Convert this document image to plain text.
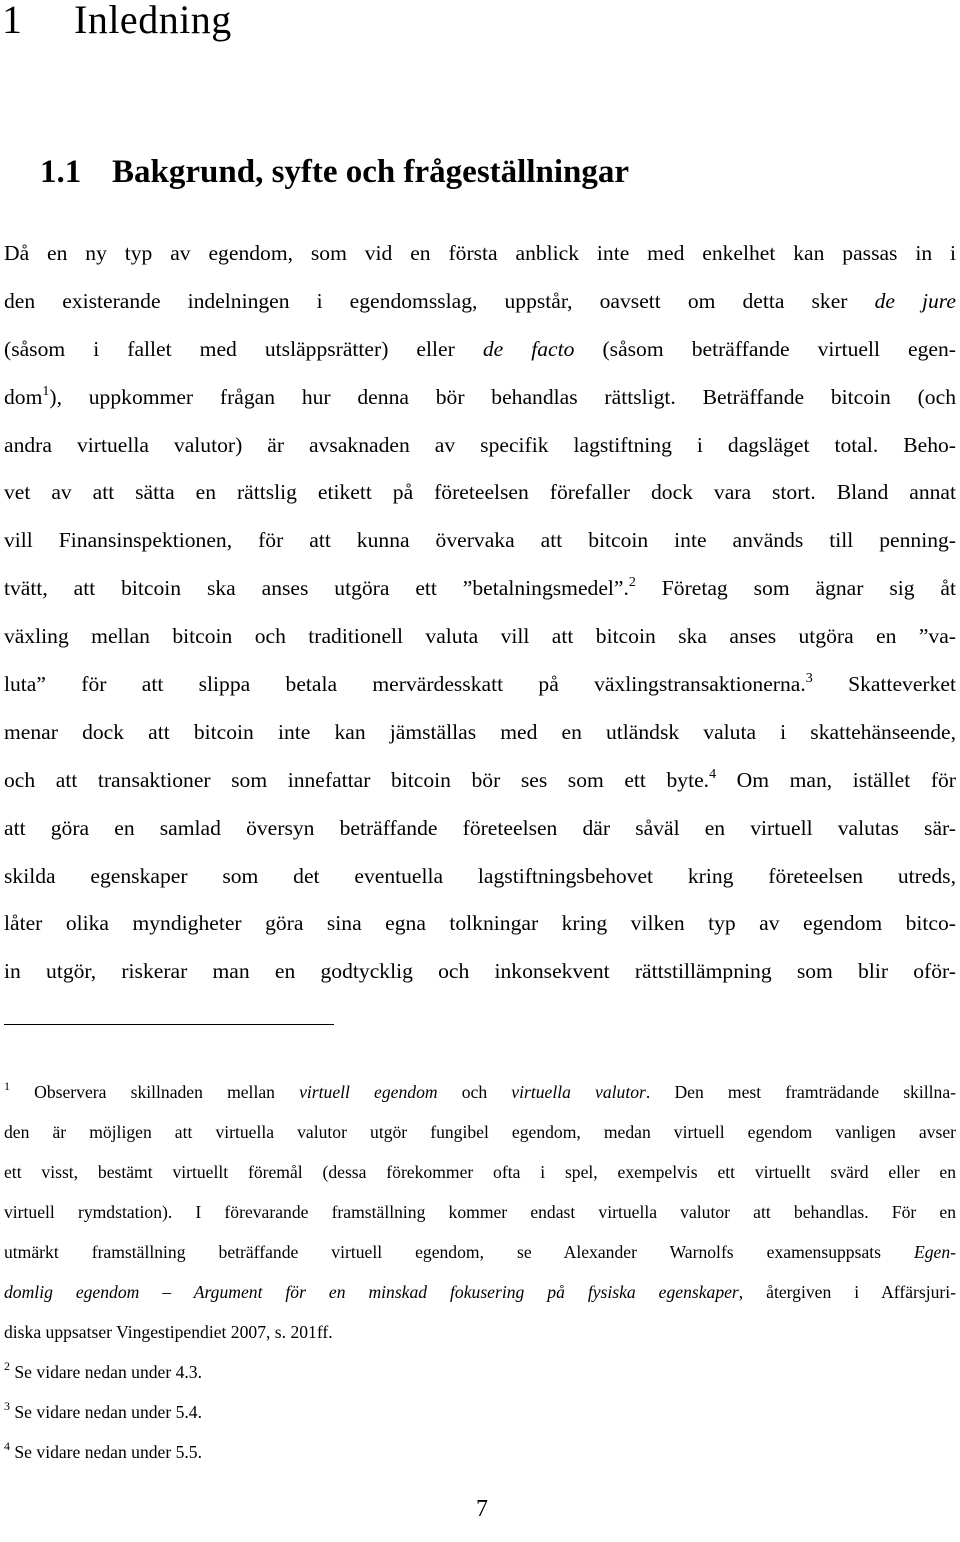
1 Inledning
1.1 Bakgrund, syfte och frågeställningar
Då en ny typ av egendom, som vid en första anblick inte med enkelhet kan passas in i
den existerande indelningen i egendomsslag, uppstår, oavsett om detta sker de jure
(såsom i fallet med utsläppsrätter) eller de facto (såsom beträffande virtuell egen-
dom$^1$), uppkommer frågan hur denna bör behandlas rättsligt. Beträffande bitcoin (och
andra virtuella valutor) är avsaknaden av specifik lagstiftning i dagsläget total. Beho-
vet av att sätta en rättslig etikett på företeelsen förefaller dock vara stort. Bland annat
vill Finansinspektionen, för att kunna övervaka att bitcoin inte används till penning-
tvätt, att bitcoin ska anses utgöra ett ”betalningsmedel”.$^2$ Företag som ägnar sig åt
växling mellan bitcoin och traditionell valuta vill att bitcoin ska anses utgöra en ”va-
luta” för att slippa betala mervärdesskatt på växlingstransaktionerna.$^3$ Skatteverket
menar dock att bitcoin inte kan jämställas med en utländsk valuta i skattehänseende,
och att transaktioner som innefattar bitcoin bör ses som ett byte.$^4$ Om man, istället för
att göra en samlad översyn beträffande företeelsen där såväl en virtuell valutas sär-
skilda egenskaper som det eventuella lagstiftningsbehovet kring företeelsen utreds,
låter olika myndigheter göra sina egna tolkningar kring vilken typ av egendom bitco-
in utgör, riskerar man en godtycklig och inkonsekvent rättstillämpning som blir oför-
$^1$ Observera skillnaden mellan virtuell egendom och virtuella valutor. Den mest framträdande skillna-
den är möjligen att virtuella valutor utgör fungibel egendom, medan virtuell egendom vanligen avser
ett visst, bestämt virtuellt föremål (dessa förekommer ofta i spel, exempelvis ett virtuellt svärd eller en
virtuell rymdstation). I förevarande framställning kommer endast virtuella valutor att behandlas. För en
utmärkt framställning beträffande virtuell egendom, se Alexander Warnolfs examensuppsats Egen-
domlig egendom – Argument för en minskad fokusering på fysiska egenskaper, återgiven i Affärsjuri-
diska uppsatser Vingestipendiet 2007, s. 201ff.
$^2$ Se vidare nedan under 4.3.
$^3$ Se vidare nedan under 5.4.
$^4$ Se vidare nedan under 5.5.
7
